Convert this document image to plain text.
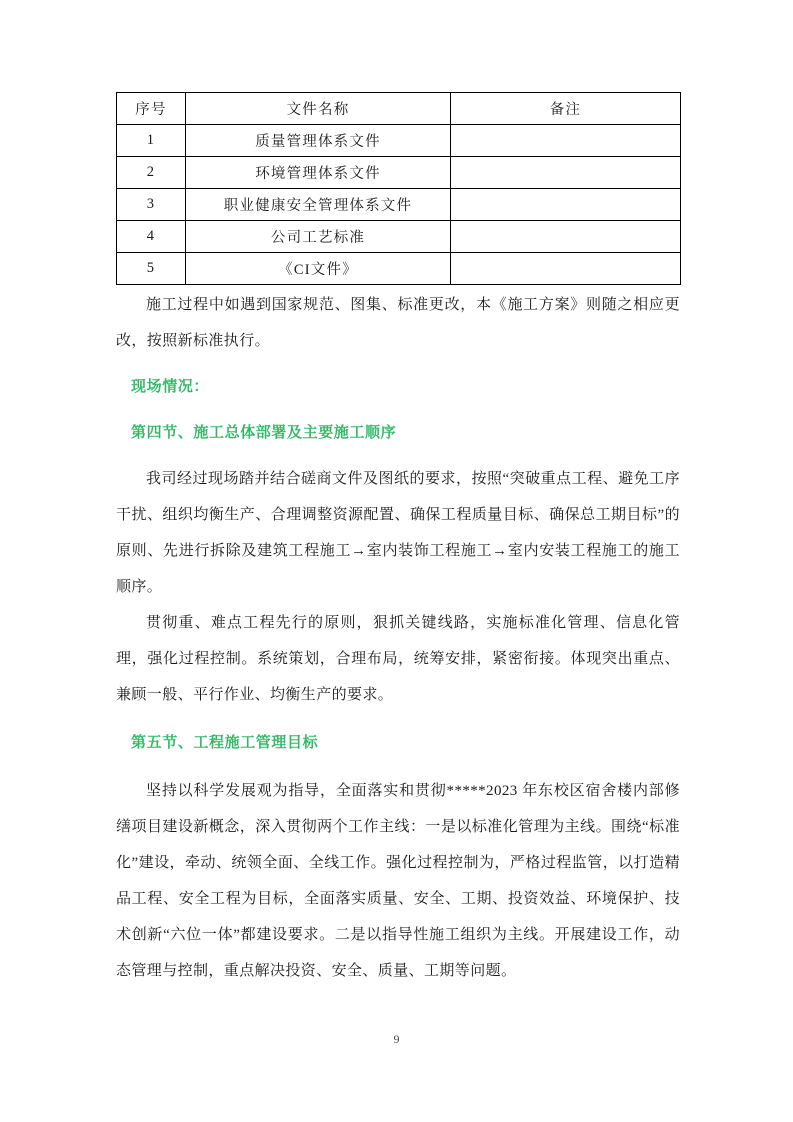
序号	文件名称	备注
1	质量管理体系文件	
2	环境管理体系文件	
3	职业健康安全管理体系文件	
4	公司工艺标准	
5	《CI文件》	

施工过程中如遇到国家规范、图集、标准更改，本《施工方案》则随之相应更改，按照新标准执行。

现场情况：
第四节、施工总体部署及主要施工顺序

我司经过现场踏并结合磋商文件及图纸的要求，按照“突破重点工程、避免工序干扰、组织均衡生产、合理调整资源配置、确保工程质量目标、确保总工期目标”的原则、先进行拆除及建筑工程施工→室内装饰工程施工→室内安装工程施工的施工顺序。

贯彻重、难点工程先行的原则，狠抓关键线路，实施标准化管理、信息化管理，强化过程控制。系统策划，合理布局，统筹安排，紧密衔接。体现突出重点、兼顾一般、平行作业、均衡生产的要求。

第五节、工程施工管理目标

坚持以科学发展观为指导，全面落实和贯彻*****2023 年东校区宿舍楼内部修缮项目建设新概念，深入贯彻两个工作主线：一是以标准化管理为主线。围绕“标准化”建设，牵动、统领全面、全线工作。强化过程控制为，严格过程监管，以打造精品工程、安全工程为目标，全面落实质量、安全、工期、投资效益、环境保护、技术创新“六位一体”都建设要求。二是以指导性施工组织为主线。开展建设工作，动态管理与控制，重点解决投资、安全、质量、工期等问题。

9
